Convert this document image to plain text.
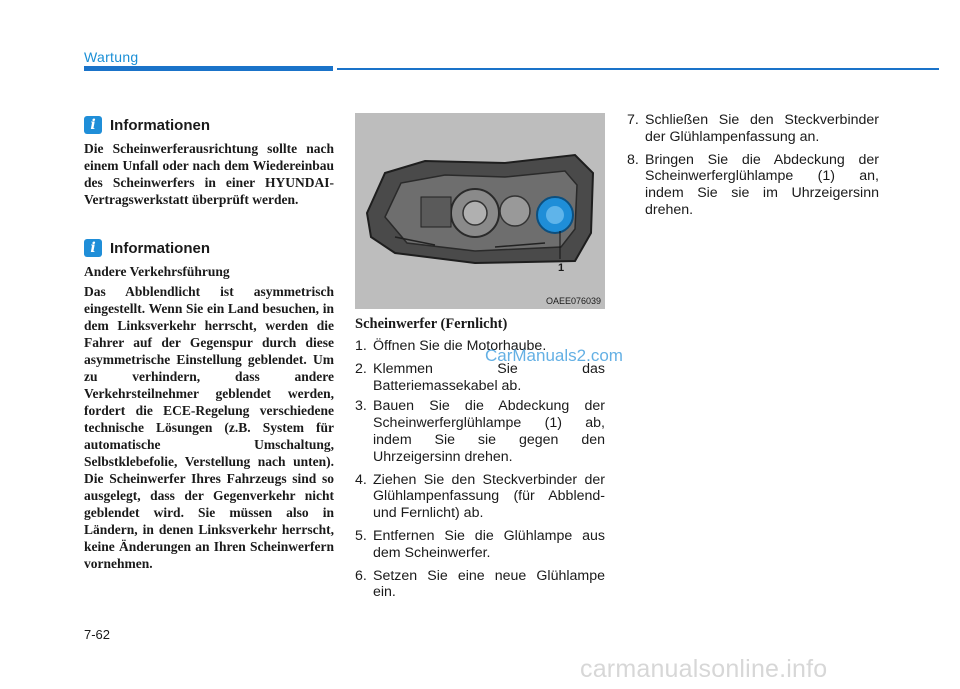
Wartung
i Informationen
Die Scheinwerferausrichtung sollte nach einem Unfall oder nach dem Wiedereinbau des Scheinwerfers in einer HYUNDAI-Vertragswerkstatt überprüft werden.
i Informationen
Andere Verkehrsführung
Das Abblendlicht ist asymmetrisch eingestellt. Wenn Sie ein Land besuchen, in dem Linksverkehr herrscht, werden die Fahrer auf der Gegenspur durch diese asymmetrische Einstellung geblendet. Um zu verhindern, dass andere Verkehrsteilnehmer geblendet werden, fordert die ECE-Regelung verschiedene technische Lösungen (z.B. System für automatische Umschaltung, Selbstklebefolie, Verstellung nach unten). Die Scheinwerfer Ihres Fahrzeugs sind so ausgelegt, dass der Gegenverkehr nicht geblendet wird. Sie müssen also in Ländern, in denen Linksverkehr herrscht, keine Änderungen an Ihren Scheinwerfern vornehmen.
1
OAEE076039
Scheinwerfer (Fernlicht)
1. Öffnen Sie die Motorhaube.
2. Klemmen Sie das Batteriemassekabel ab.
3. Bauen Sie die Abdeckung der Scheinwerferglühlampe (1) ab, indem Sie sie gegen den Uhrzeigersinn drehen.
4. Ziehen Sie den Steckverbinder der Glühlampenfassung (für Abblend- und Fernlicht) ab.
5. Entfernen Sie die Glühlampe aus dem Scheinwerfer.
6. Setzen Sie eine neue Glühlampe ein.
7. Schließen Sie den Steckverbinder der Glühlampenfassung an.
8. Bringen Sie die Abdeckung der Scheinwerferglühlampe (1) an, indem Sie sie im Uhrzeigersinn drehen.
CarManuals2.com
7-62
carmanualsonline.info
